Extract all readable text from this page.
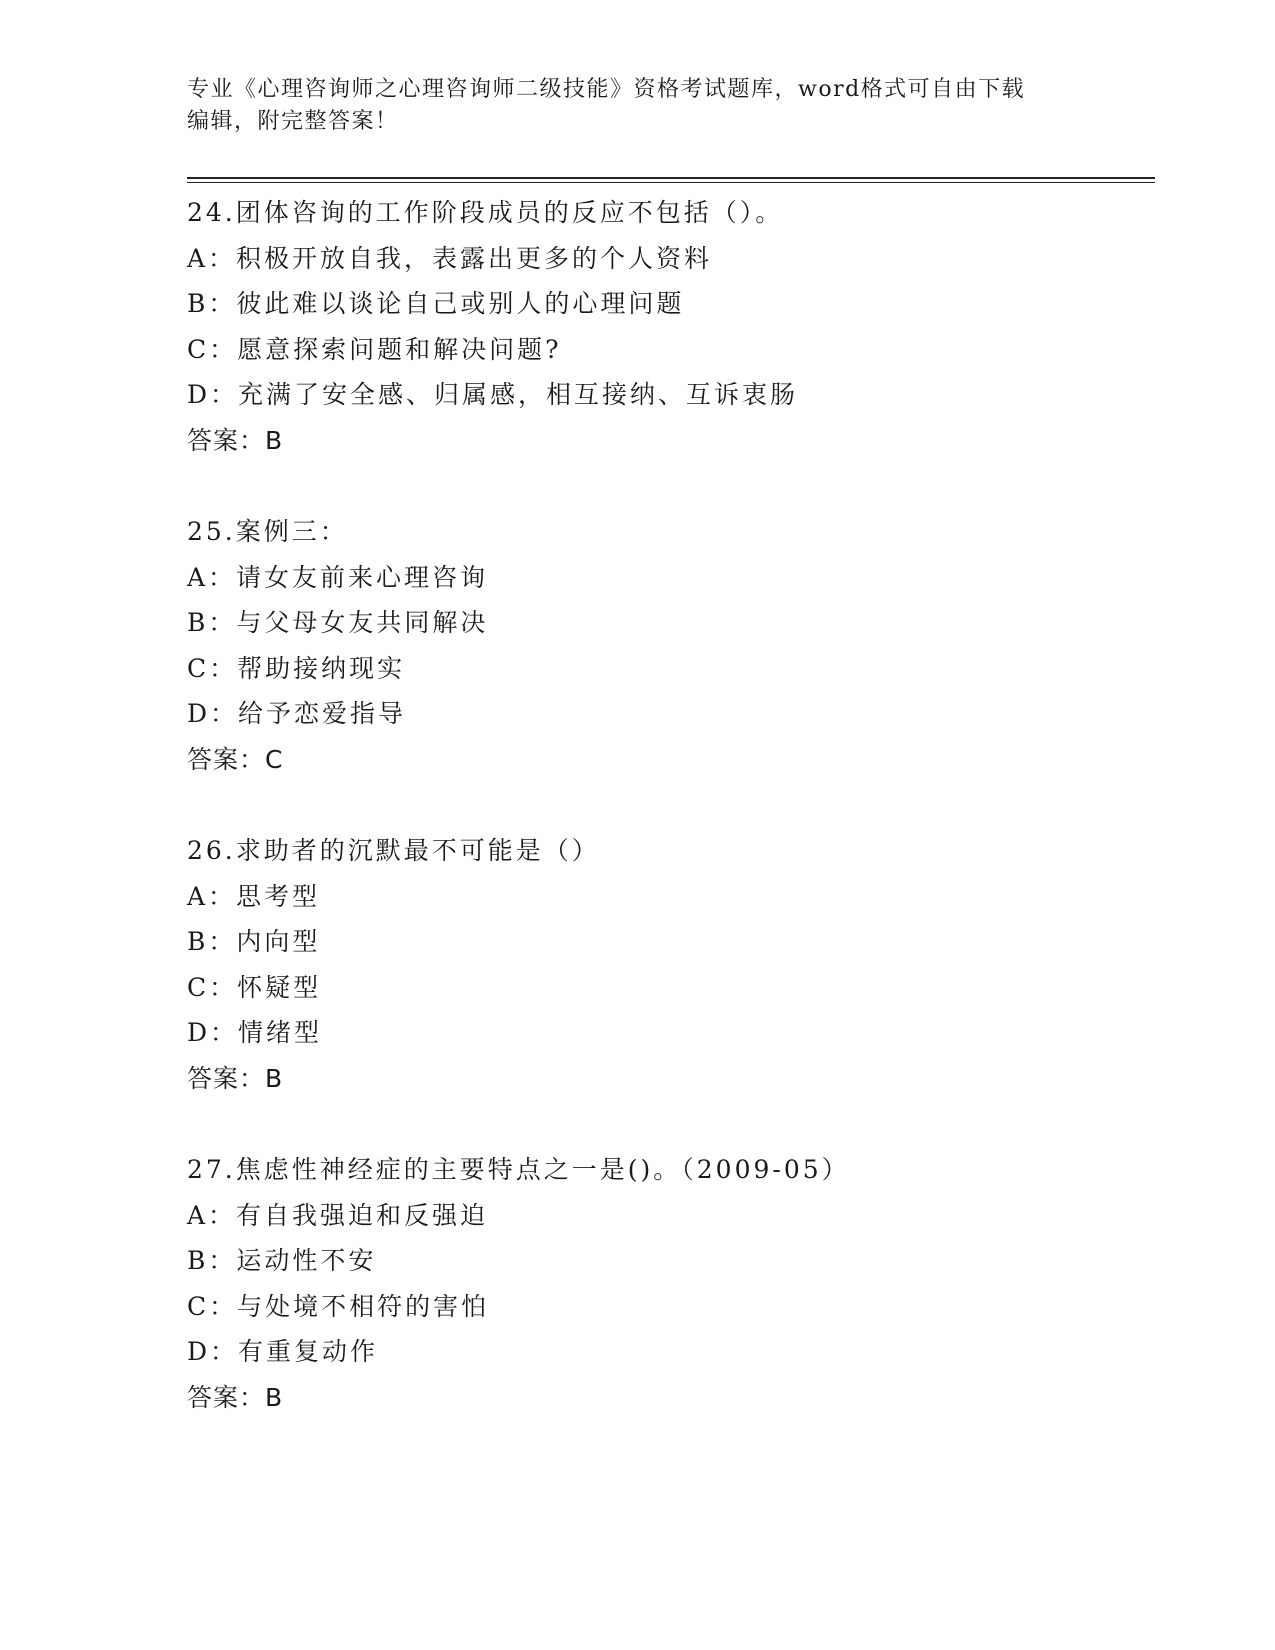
专业《心理咨询师之心理咨询师二级技能》资格考试题库，word格式可自由下载
编辑，附完整答案！
24.团体咨询的工作阶段成员的反应不包括（）。
A：积极开放自我，表露出更多的个人资料
B：彼此难以谈论自己或别人的心理问题
C：愿意探索问题和解决问题?
D：充满了安全感、归属感，相互接纳、互诉衷肠
答案：B
25.案例三：
A：请女友前来心理咨询
B：与父母女友共同解决
C：帮助接纳现实
D：给予恋爱指导
答案：C
26.求助者的沉默最不可能是（）
A：思考型
B：内向型
C：怀疑型
D：情绪型
答案：B
27.焦虑性神经症的主要特点之一是()。（2009-05）
A：有自我强迫和反强迫
B：运动性不安
C：与处境不相符的害怕
D：有重复动作
答案：B
